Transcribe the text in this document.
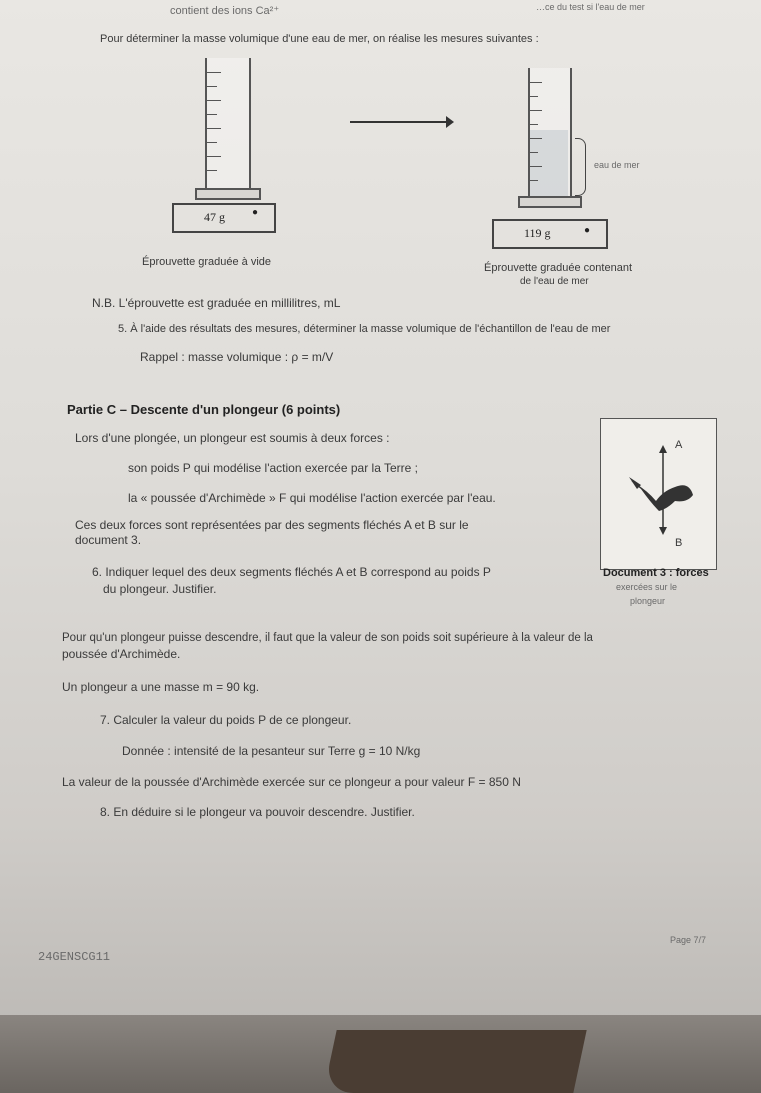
contient des ions Ca²⁺	…ce du test si l'eau de mer
Pour déterminer la masse volumique d'une eau de mer, on réalise les mesures suivantes :
47 g	●
eau de mer
119 g	●
Éprouvette graduée à vide	Éprouvette graduée contenant
de l'eau de mer
N.B. L'éprouvette est graduée en millilitres, mL
5. À l'aide des résultats des mesures, déterminer la masse volumique de l'échantillon de l'eau de mer
Rappel : masse volumique : ρ = m/V
Partie C – Descente d'un plongeur (6 points)
Lors d'une plongée, un plongeur est soumis à deux forces :
son poids P qui modélise l'action exercée par la Terre ;
la « poussée d'Archimède » F qui modélise l'action exercée par l'eau.
Ces deux forces sont représentées par des segments fléchés A et B sur le
document 3.
A
B
Document 3 : forces
exercées sur le
plongeur
6. Indiquer lequel des deux segments fléchés A et B correspond au poids P
du plongeur. Justifier.
Pour qu'un plongeur puisse descendre, il faut que la valeur de son poids soit supérieure à la valeur de la
poussée d'Archimède.
Un plongeur a une masse m = 90 kg.
7. Calculer la valeur du poids P de ce plongeur.
Donnée : intensité de la pesanteur sur Terre g = 10 N/kg
La valeur de la poussée d'Archimède exercée sur ce plongeur a pour valeur F = 850 N
8. En déduire si le plongeur va pouvoir descendre. Justifier.
24GENSCG11
Page 7/7
